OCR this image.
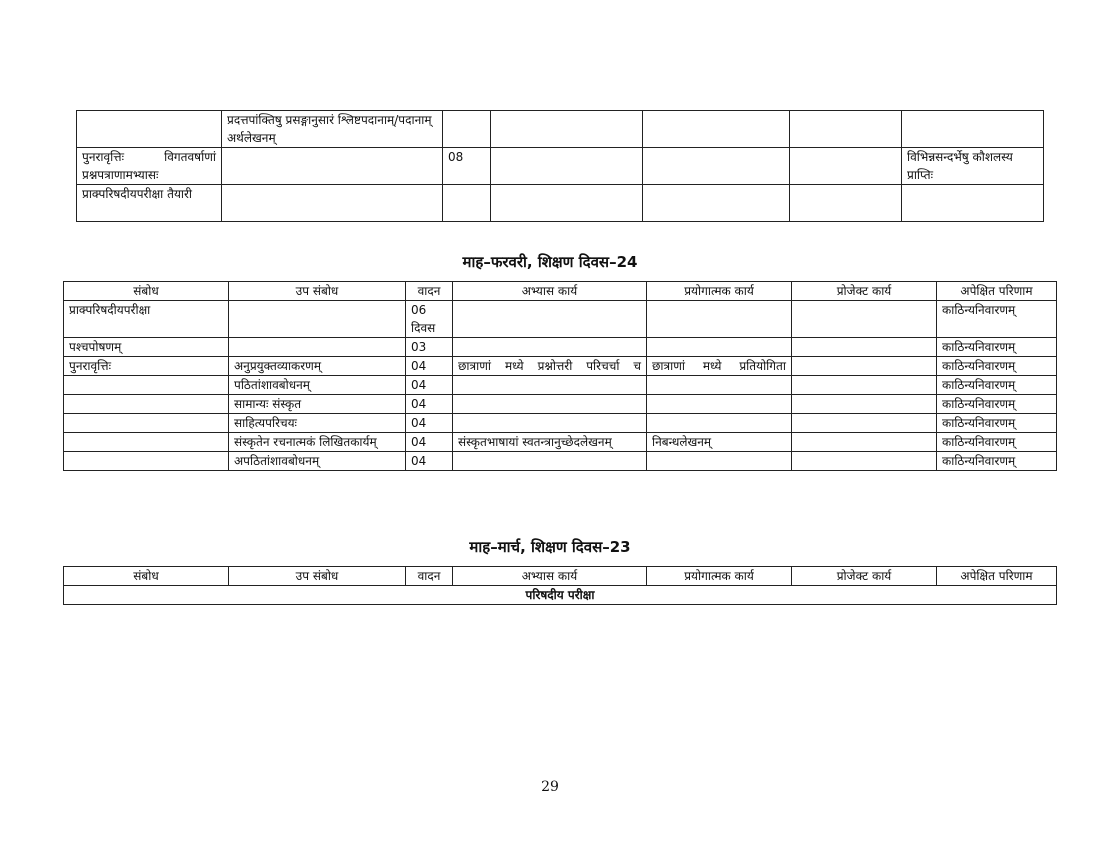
	प्रदत्तपांक्तिषु प्रसङ्गानुसारं श्लिष्टपदानाम्/पदानाम् अर्थलेखनम्					
पुनरावृत्तिः विगतवर्षाणां प्रश्नपत्राणामभ्यासः		08				विभिन्नसन्दर्भेषु कौशलस्य प्राप्तिः
प्राक्परिषदीयपरीक्षा तैयारी						
माह–फरवरी, शिक्षण दिवस–24
संबोध	उप संबोध	वादन	अभ्यास कार्य	प्रयोगात्मक कार्य	प्रोजेक्ट कार्य	अपेक्षित परिणाम
प्राक्परिषदीयपरीक्षा		06 दिवस				काठिन्यनिवारणम्
पश्चपोषणम्		03				काठिन्यनिवारणम्
पुनरावृत्तिः	अनुप्रयुक्तव्याकरणम्	04	छात्राणां मध्ये प्रश्नोत्तरी परिचर्चा च	छात्राणां मध्ये प्रतियोगिता		काठिन्यनिवारणम्
	पठितांशावबोधनम्	04				काठिन्यनिवारणम्
	सामान्यः संस्कृत	04				काठिन्यनिवारणम्
	साहित्यपरिचयः	04				काठिन्यनिवारणम्
	संस्कृतेन रचनात्मकं लिखितकार्यम्	04	संस्कृतभाषायां स्वतन्त्रानुच्छेदलेखनम्	निबन्धलेखनम्		काठिन्यनिवारणम्
	अपठितांशावबोधनम्	04				काठिन्यनिवारणम्
माह–मार्च, शिक्षण दिवस–23
संबोध	उप संबोध	वादन	अभ्यास कार्य	प्रयोगात्मक कार्य	प्रोजेक्ट कार्य	अपेक्षित परिणाम
परिषदीय परीक्षा
29
